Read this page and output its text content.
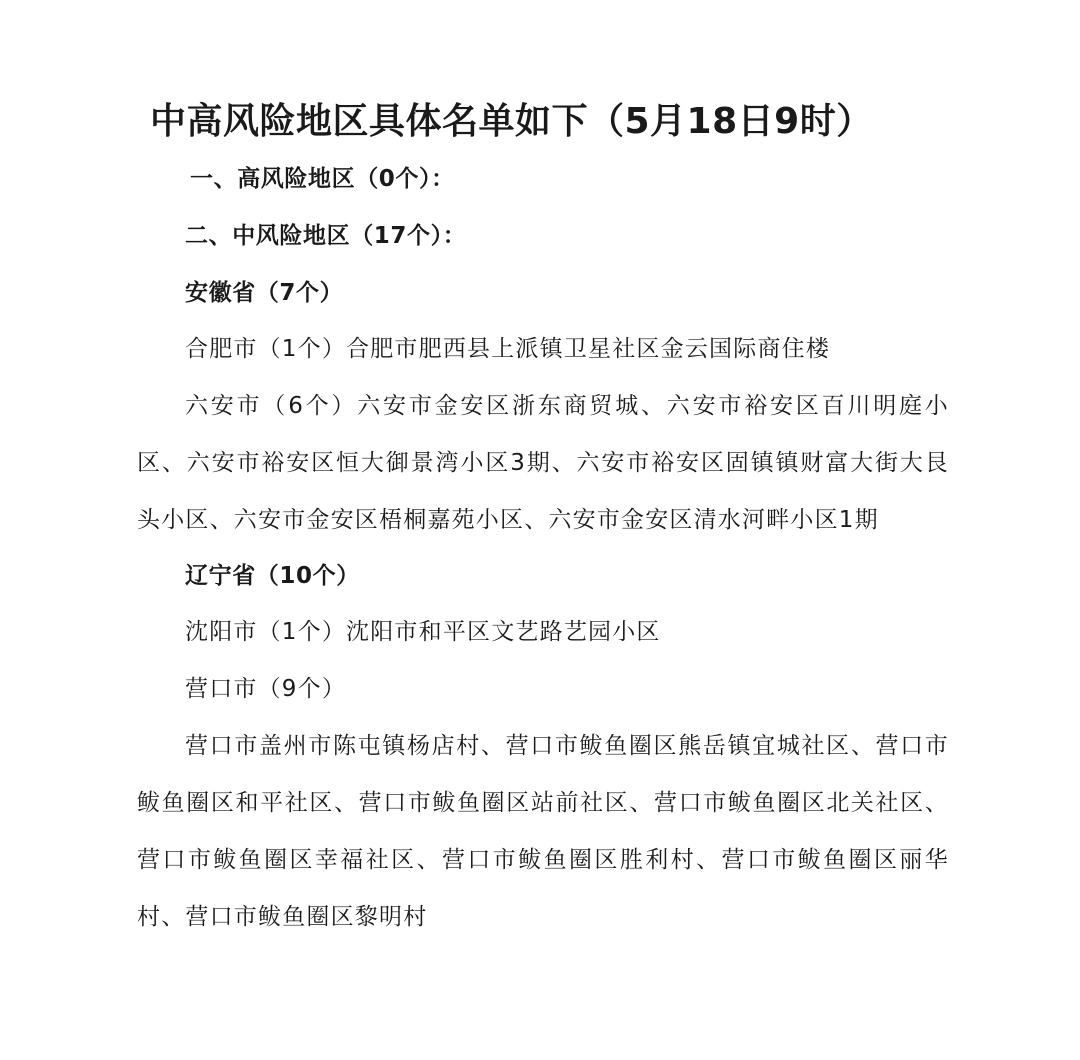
中高风险地区具体名单如下（5月18日9时）
一、高风险地区（0个）：
二、中风险地区（17个）：
安徽省（7个）
合肥市（1个）合肥市肥西县上派镇卫星社区金云国际商住楼
六安市（6个）六安市金安区浙东商贸城、六安市裕安区百川明庭小区、六安市裕安区恒大御景湾小区3期、六安市裕安区固镇镇财富大街大艮头小区、六安市金安区梧桐嘉苑小区、六安市金安区清水河畔小区1期
辽宁省（10个）
沈阳市（1个）沈阳市和平区文艺路艺园小区
营口市（9个）
营口市盖州市陈屯镇杨店村、营口市鲅鱼圈区熊岳镇宜城社区、营口市鲅鱼圈区和平社区、营口市鲅鱼圈区站前社区、营口市鲅鱼圈区北关社区、营口市鲅鱼圈区幸福社区、营口市鲅鱼圈区胜利村、营口市鲅鱼圈区丽华村、营口市鲅鱼圈区黎明村
